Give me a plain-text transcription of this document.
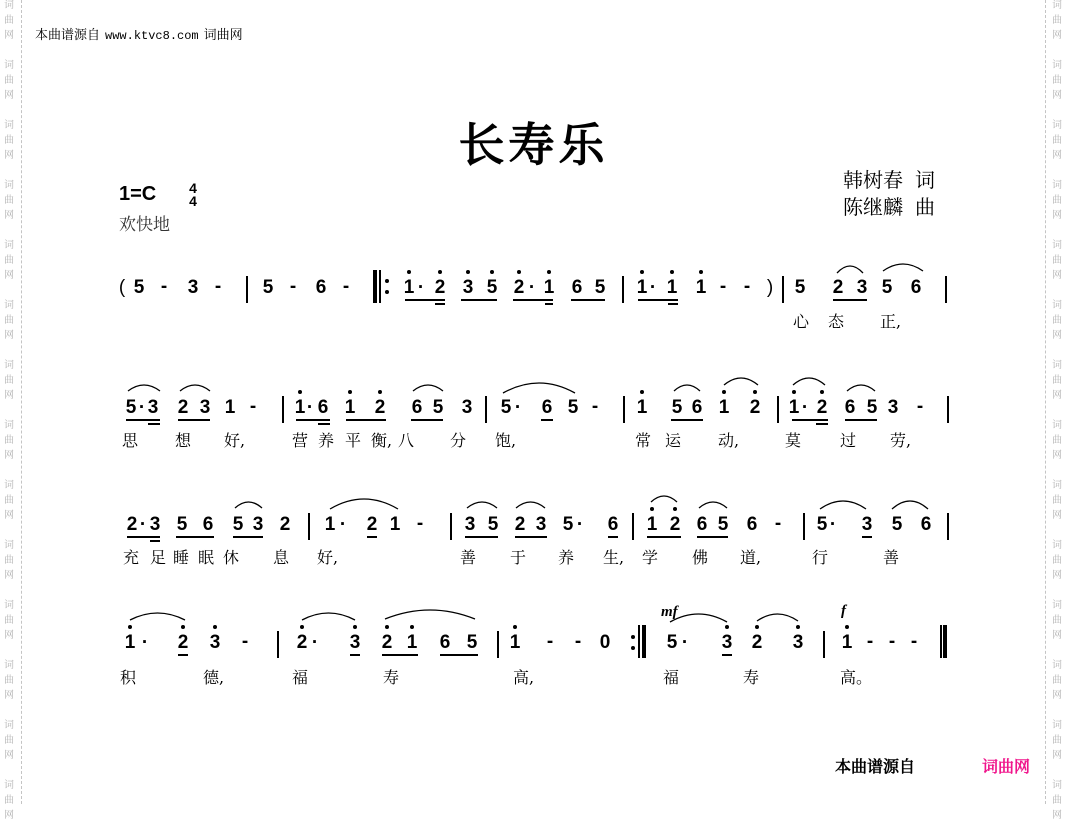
词
曲
网
词
曲
网
词
曲
网
词
曲
网
词
曲
网
词
曲
网
词
曲
网
词
曲
网
词
曲
网
词
曲
网
词
曲
网
词
曲
网
词
曲
网
词
曲
网
词
曲
网
词
曲
网
词
曲
网
词
曲
网
词
曲
网
词
曲
网
词
曲
网
词
曲
网
词
曲
网
词
曲
网
词
曲
网
词
曲
网
词
曲
网
词
曲
网
本曲谱源自 www.ktvc8.com 词曲网
长寿乐
1=C 4
4
欢快地
韩树春 词
陈继麟 曲
( 5 - 3 - 5 - 6 -	1 · 2 3 5 2 · 1 6 5 1 · 1 1 - - ) 5 2 3 5 6
心 态 正,
5 · 3 2 3 1 - 1 · 6 1 2 6 5 3 5 · 6 5 - 1 5 6 1 2 1 · 2 6 5 3 -
思 想 好,	营 养 平 衡, 八 分 饱,	常 运 动,	莫 过 劳,
2 · 3 5 6 5 3 2 1 · 2 1 - 3 5 2 3 5 · 6 1 2 6 5 6 - 5 · 3 5 6
充 足 睡 眠 休 息 好,	善 于 养 生, 学 佛 道,	行	善
1 · 2 3 -	2 · 3 2 1 6 5 1 - - 0	5 · 3 2 3 1 - - -
积	德,	福	寿	高,	福	寿	高。
mf	f
本曲谱源自	词曲网
